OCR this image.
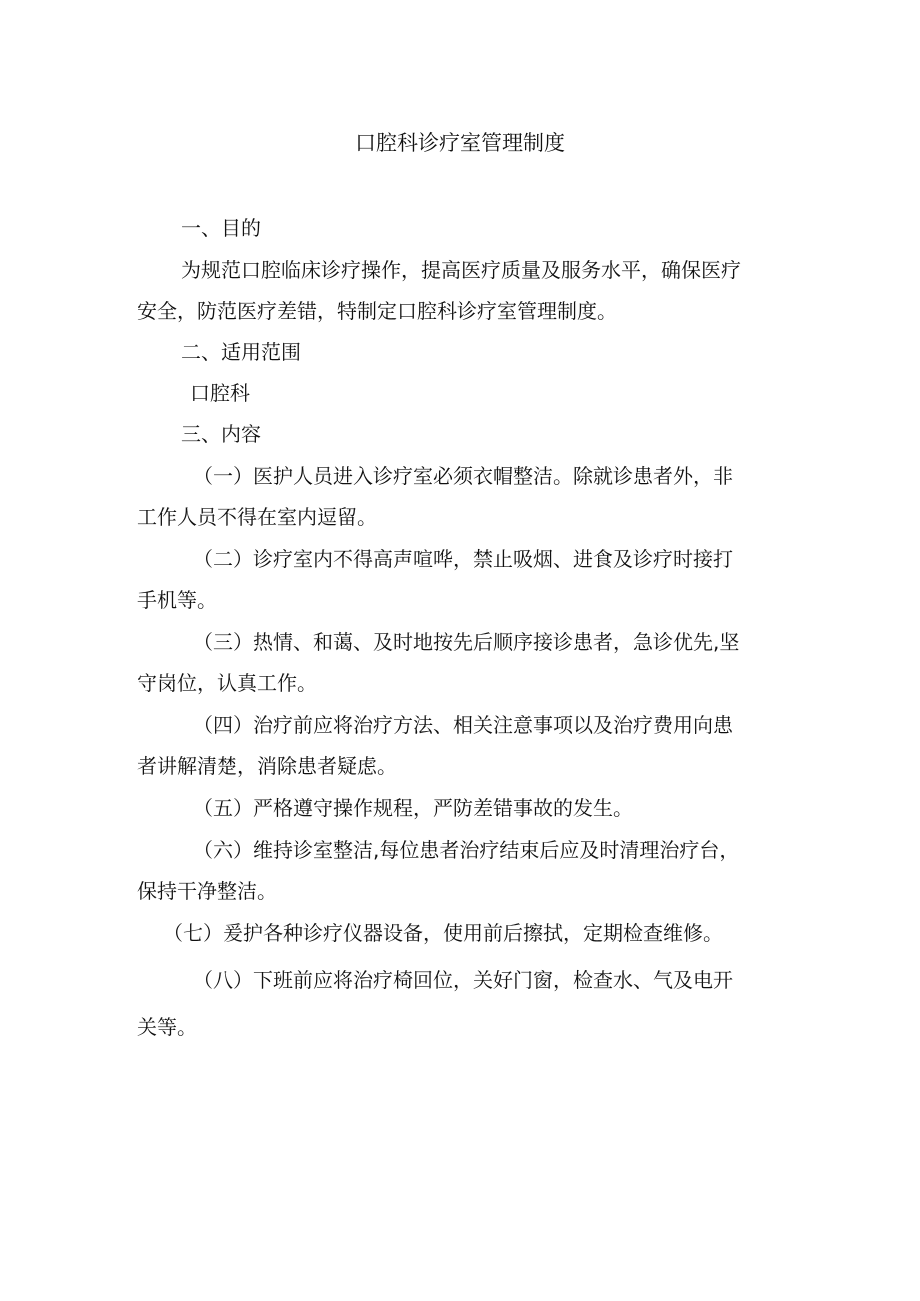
口腔科诊疗室管理制度
一、目的
为规范口腔临床诊疗操作，提高医疗质量及服务水平，确保医疗
安全，防范医疗差错，特制定口腔科诊疗室管理制度。
二、适用范围
口腔科
三、内容
（一）医护人员进入诊疗室必须衣帽整洁。除就诊患者外，非
工作人员不得在室内逗留。
（二）诊疗室内不得高声喧哗，禁止吸烟、进食及诊疗时接打
手机等。
（三）热情、和蔼、及时地按先后顺序接诊患者，急诊优先,坚
守岗位，认真工作。
（四）治疗前应将治疗方法、相关注意事项以及治疗费用向患
者讲解清楚，消除患者疑虑。
（五）严格遵守操作规程，严防差错事故的发生。
（六）维持诊室整洁,每位患者治疗结束后应及时清理治疗台，
保持干净整洁。
（七）爰护各种诊疗仪器设备，使用前后擦拭，定期检查维修。
（八）下班前应将治疗椅回位，关好门窗，检查水、气及电开
关等。
